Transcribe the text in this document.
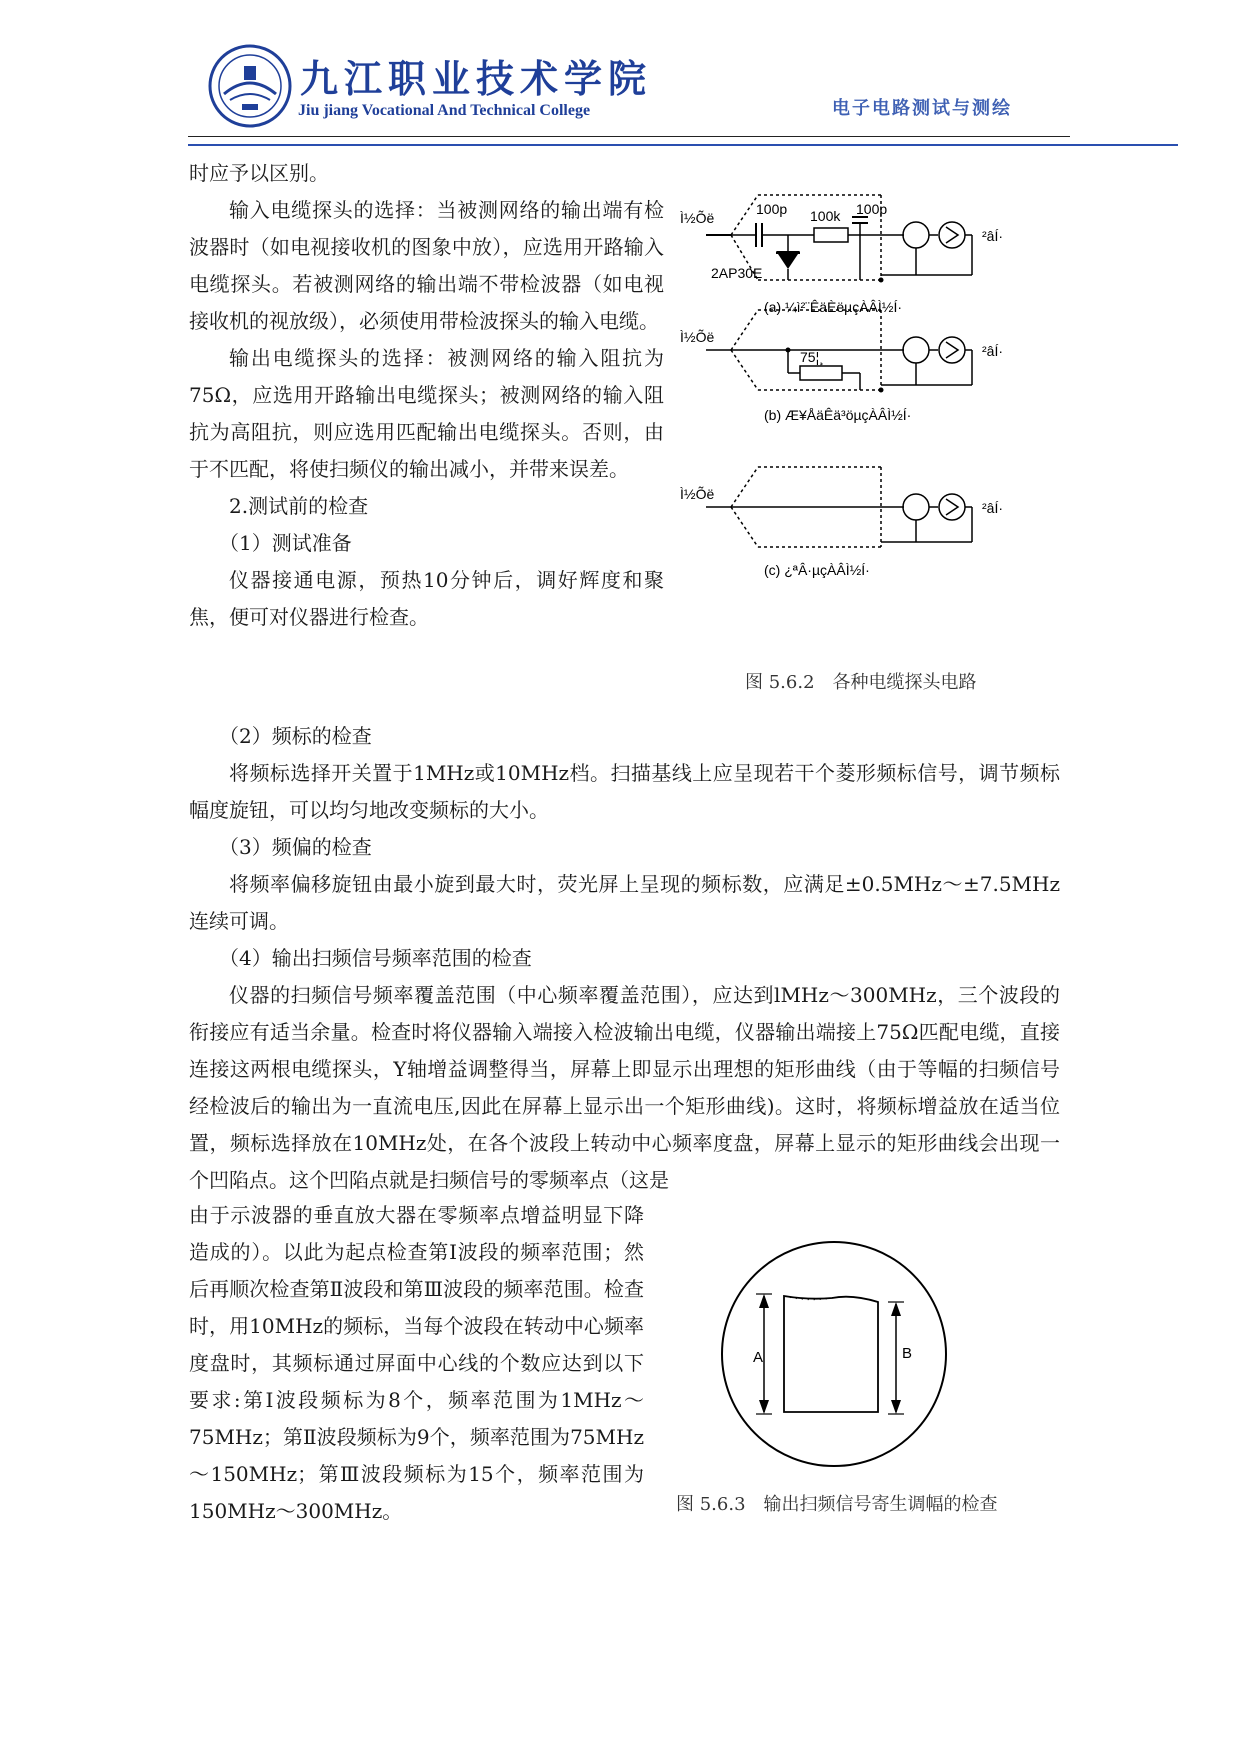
九江职业技术学院
Jiu jiang Vocational And Technical College	电子电路测试与测绘

时应予以区别。

输入电缆探头的选择：当被测网络的输出端有检波器时（如电视接收机的图象中放），应选用开路输入电缆探头。若被测网络的输出端不带检波器（如电视接收机的视放级），必须使用带检波探头的输入电缆。

输出电缆探头的选择：被测网络的输入阻抗为75Ω，应选用开路输出电缆探头；被测网络的输入阻抗为高阻抗，则应选用匹配输出电缆探头。否则，由于不匹配，将使扫频仪的输出减小，并带来误差。

2.测试前的检查

（1）测试准备

仪器接通电源，预热10分钟后，调好辉度和聚焦，便可对仪器进行检查。

Ì½Õë
100p
2AP30E
100k 100p
²âÍ·
(a) ¼ì²¨ÊäÈëµçÀÂÌ½Í·
Ì½Õë
75¦¸	²âÍ·
(b) Æ¥ÅäÊä³öµçÀÂÌ½Í·
Ì½Õë
²âÍ·
(c) ¿ªÂ·µçÀÂÌ½Í·
图 5.6.2　各种电缆探头电路

（2）频标的检查

将频标选择开关置于1MHz或10MHz档。扫描基线上应呈现若干个菱形频标信号，调节频标幅度旋钮，可以均匀地改变频标的大小。

（3）频偏的检查

将频率偏移旋钮由最小旋到最大时，荧光屏上呈现的频标数，应满足±0.5MHz～±7.5MHz连续可调。

（4）输出扫频信号频率范围的检查

仪器的扫频信号频率覆盖范围（中心频率覆盖范围），应达到lMHz～300MHz，三个波段的衔接应有适当余量。检查时将仪器输入端接入检波输出电缆，仪器输出端接上75Ω匹配电缆，直接连接这两根电缆探头，Y轴增益调整得当，屏幕上即显示出理想的矩形曲线（由于等幅的扫频信号经检波后的输出为一直流电压,因此在屏幕上显示出一个矩形曲线)。这时，将频标增益放在适当位置，频标选择放在10MHz处，在各个波段上转动中心频率度盘，屏幕上显示的矩形曲线会出现一个凹陷点。这个凹陷点就是扫频信号的零频率点（这是

由于示波器的垂直放大器在零频率点增益明显下降造成的）。以此为起点检查第Ⅰ波段的频率范围；然后再顺次检查第Ⅱ波段和第Ⅲ波段的频率范围。检查时，用10MHz的频标，当每个波段在转动中心频率度盘时，其频标通过屏面中心线的个数应达到以下要求:第Ⅰ波段频标为8个，频率范围为1MHz～75MHz；第Ⅱ波段频标为9个，频率范围为75MHz～150MHz；第Ⅲ波段频标为15个，频率范围为150MHz～300MHz。

A	B
图 5.6.3　输出扫频信号寄生调幅的检查
